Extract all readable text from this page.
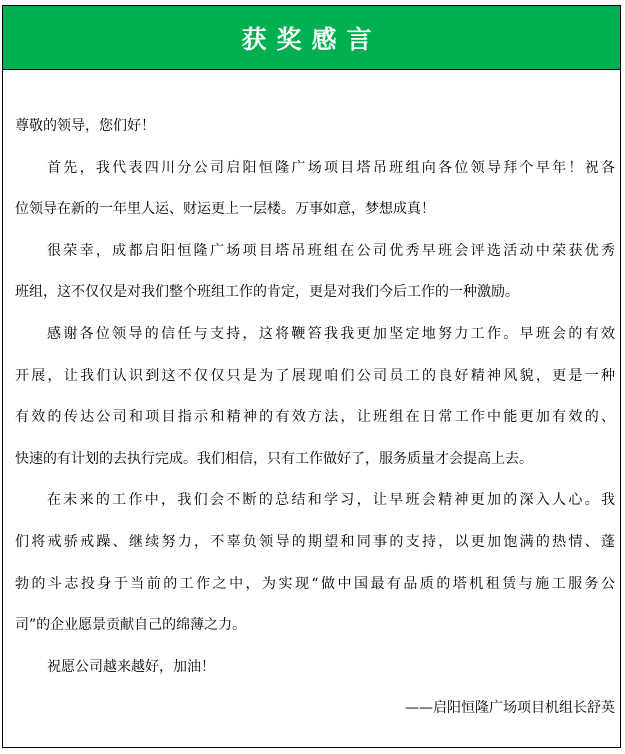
获奖感言
尊敬的领导，您们好！
首先，我代表四川分公司启阳恒隆广场项目塔吊班组向各位领导拜个早年！祝各
位领导在新的一年里人运、财运更上一层楼。万事如意，梦想成真！
很荣幸，成都启阳恒隆广场项目塔吊班组在公司优秀早班会评选活动中荣获优秀
班组，这不仅仅是对我们整个班组工作的肯定，更是对我们今后工作的一种激励。
感谢各位领导的信任与支持，这将鞭笞我我更加坚定地努力工作。早班会的有效
开展，让我们认识到这不仅仅只是为了展现咱们公司员工的良好精神风貌，更是一种
有效的传达公司和项目指示和精神的有效方法，让班组在日常工作中能更加有效的、
快速的有计划的去执行完成。我们相信，只有工作做好了，服务质量才会提高上去。
在未来的工作中，我们会不断的总结和学习，让早班会精神更加的深入人心。我
们将戒骄戒躁、继续努力，不辜负领导的期望和同事的支持，以更加饱满的热情、蓬
勃的斗志投身于当前的工作之中，为实现“做中国最有品质的塔机租赁与施工服务公
司”的企业愿景贡献自己的绵薄之力。
祝愿公司越来越好，加油！
——启阳恒隆广场项目机组长舒英
